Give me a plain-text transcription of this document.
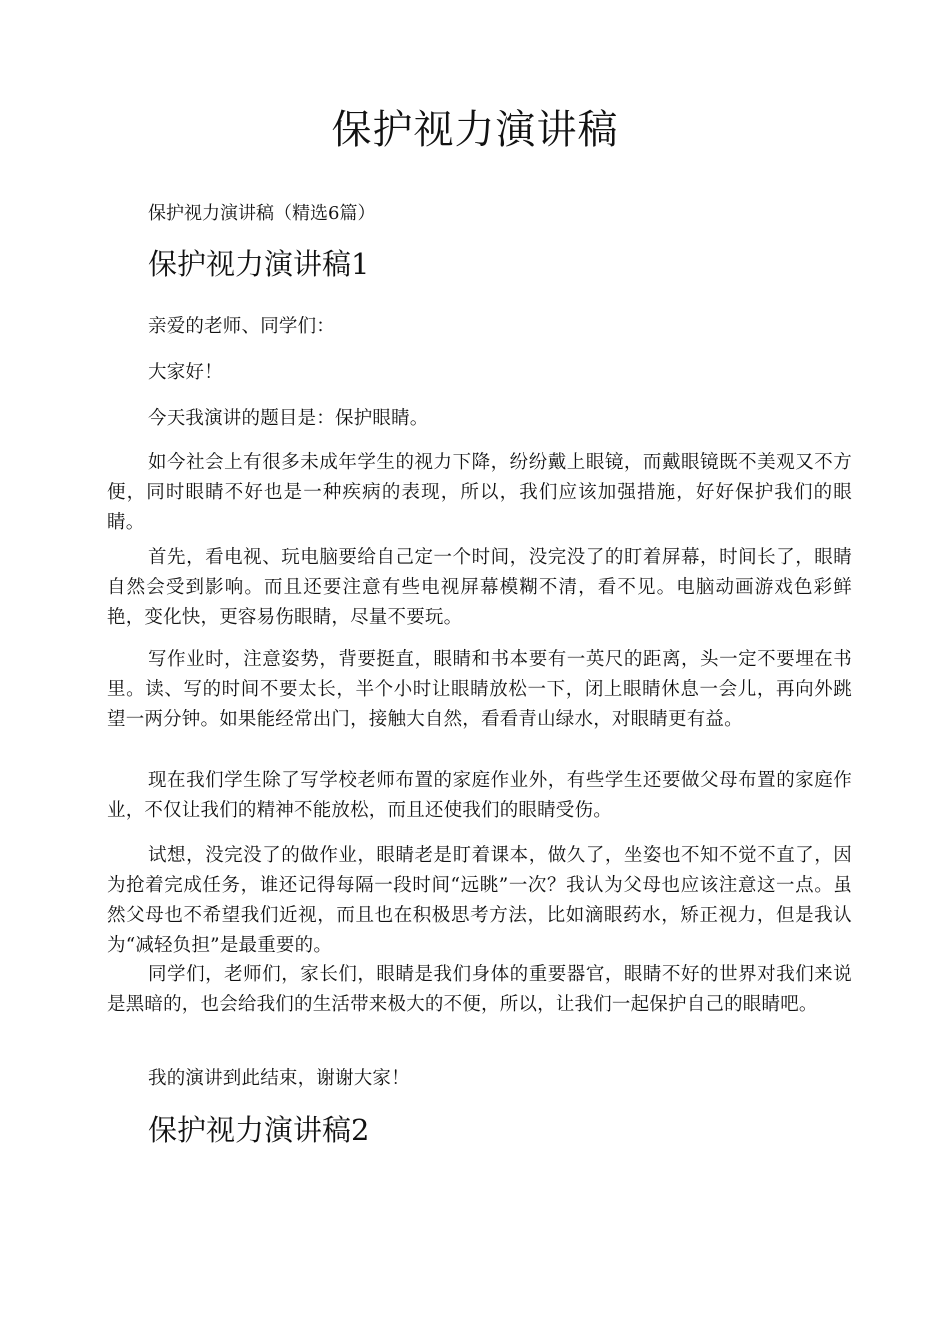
保护视力演讲稿

保护视力演讲稿（精选6篇）

保护视力演讲稿1

亲爱的老师、同学们：

大家好！

今天我演讲的题目是：保护眼睛。

如今社会上有很多未成年学生的视力下降，纷纷戴上眼镜，而戴眼镜既不美观又不方便，同时眼睛不好也是一种疾病的表现，所以，我们应该加强措施，好好保护我们的眼睛。

首先，看电视、玩电脑要给自己定一个时间，没完没了的盯着屏幕，时间长了，眼睛自然会受到影响。而且还要注意有些电视屏幕模糊不清，看不见。电脑动画游戏色彩鲜艳，变化快，更容易伤眼睛，尽量不要玩。

写作业时，注意姿势，背要挺直，眼睛和书本要有一英尺的距离，头一定不要埋在书里。读、写的时间不要太长，半个小时让眼睛放松一下，闭上眼睛休息一会儿，再向外跳望一两分钟。如果能经常出门，接触大自然，看看青山绿水，对眼睛更有益。

现在我们学生除了写学校老师布置的家庭作业外，有些学生还要做父母布置的家庭作业，不仅让我们的精神不能放松，而且还使我们的眼睛受伤。

试想，没完没了的做作业，眼睛老是盯着课本，做久了，坐姿也不知不觉不直了，因为抢着完成任务，谁还记得每隔一段时间“远眺”一次？我认为父母也应该注意这一点。虽然父母也不希望我们近视，而且也在积极思考方法，比如滴眼药水，矫正视力，但是我认为“减轻负担”是最重要的。

同学们，老师们，家长们，眼睛是我们身体的重要器官，眼睛不好的世界对我们来说是黑暗的，也会给我们的生活带来极大的不便，所以，让我们一起保护自己的眼睛吧。

我的演讲到此结束，谢谢大家！

保护视力演讲稿2
